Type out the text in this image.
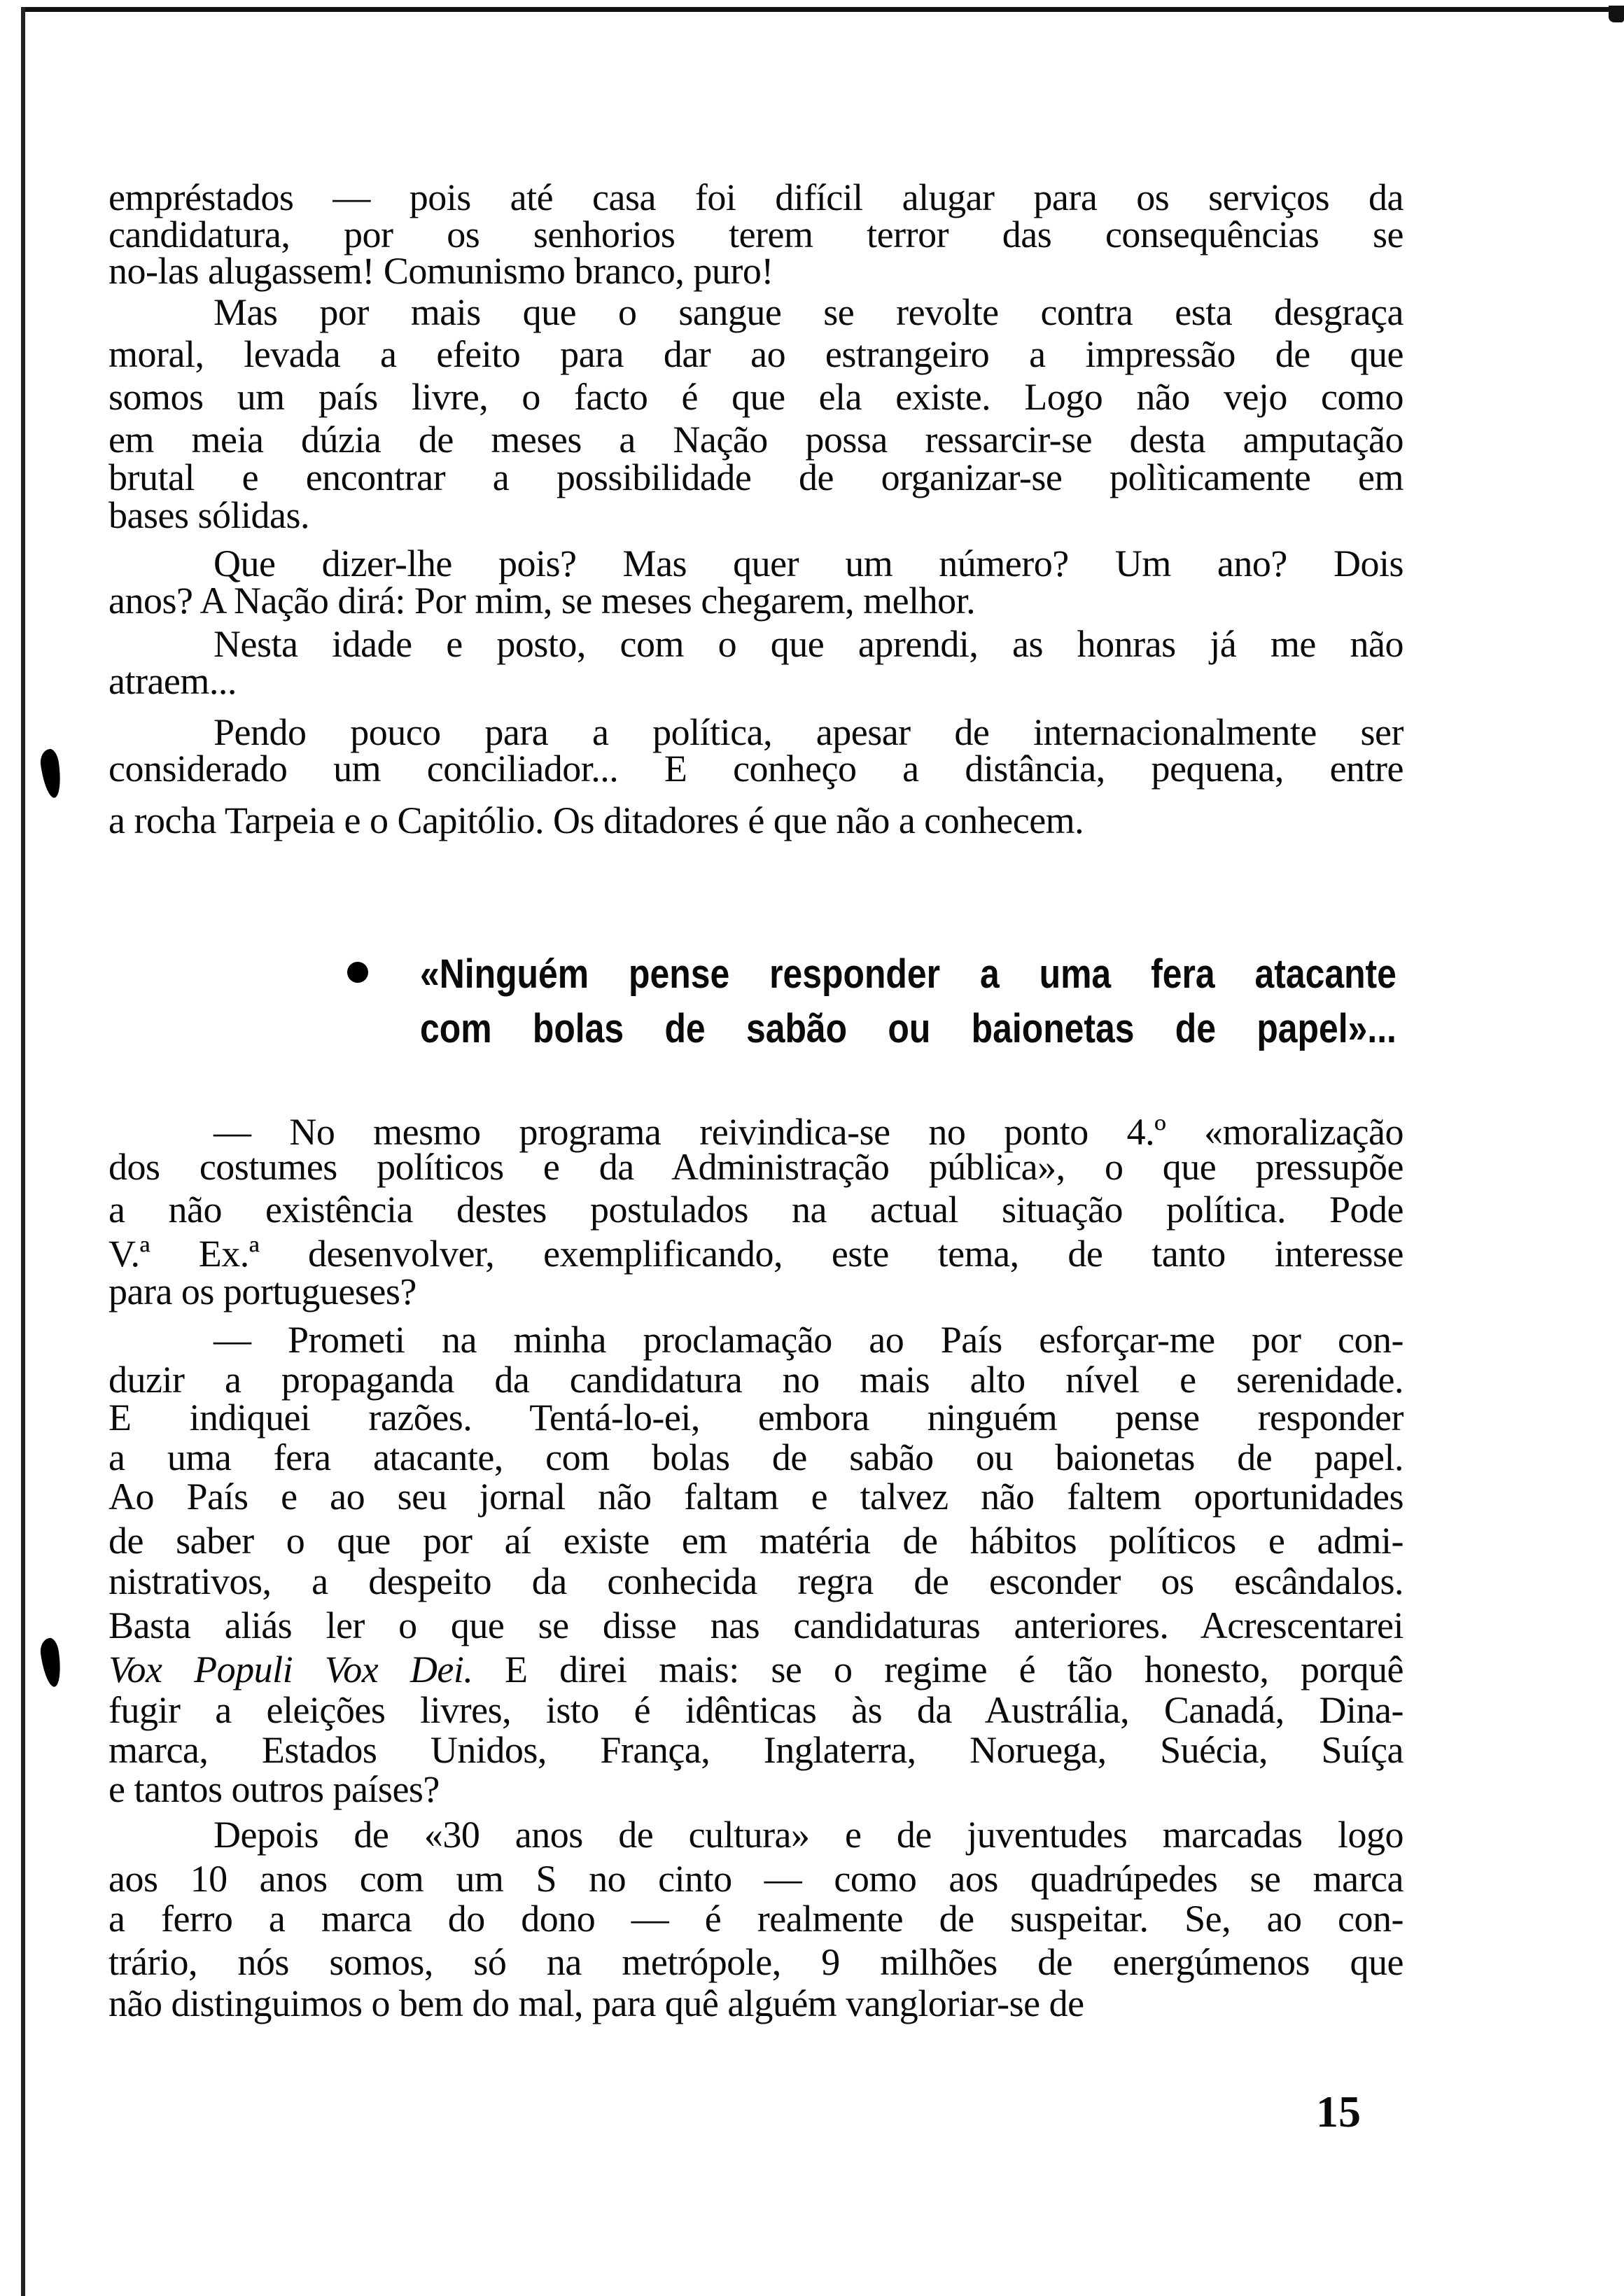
empréstados — pois até casa foi difícil alugar para os serviços da
candidatura, por os senhorios terem terror das consequências se
no-las alugassem! Comunismo branco, puro!
Mas por mais que o sangue se revolte contra esta desgraça
moral, levada a efeito para dar ao estrangeiro a impressão de que
somos um país livre, o facto é que ela existe. Logo não vejo como
em meia dúzia de meses a Nação possa ressarcir-se desta amputação
brutal e encontrar a possibilidade de organizar-se polìticamente em
bases sólidas.
Que dizer-lhe pois? Mas quer um número? Um ano? Dois
anos? A Nação dirá: Por mim, se meses chegarem, melhor.
Nesta idade e posto, com o que aprendi, as honras já me não
atraem...
Pendo pouco para a política, apesar de internacionalmente ser
considerado um conciliador... E conheço a distância, pequena, entre
a rocha Tarpeia e o Capitólio. Os ditadores é que não a conhecem.
— No mesmo programa reivindica-se no ponto 4.º «moralização
dos costumes políticos e da Administração pública», o que pressupõe
a não existência destes postulados na actual situação política. Pode
V.ª Ex.ª desenvolver, exemplificando, este tema, de tanto interesse
para os portugueses?
— Prometi na minha proclamação ao País esforçar-me por con-
duzir a propaganda da candidatura no mais alto nível e serenidade.
E indiquei razões. Tentá-lo-ei, embora ninguém pense responder
a uma fera atacante, com bolas de sabão ou baionetas de papel.
Ao País e ao seu jornal não faltam e talvez não faltem oportunidades
de saber o que por aí existe em matéria de hábitos políticos e admi-
nistrativos, a despeito da conhecida regra de esconder os escândalos.
Basta aliás ler o que se disse nas candidaturas anteriores. Acrescentarei
Vox Populi Vox Dei. E direi mais: se o regime é tão honesto, porquê
fugir a eleições livres, isto é idênticas às da Austrália, Canadá, Dina-
marca, Estados Unidos, França, Inglaterra, Noruega, Suécia, Suíça
e tantos outros países?
Depois de «30 anos de cultura» e de juventudes marcadas logo
aos 10 anos com um S no cinto — como aos quadrúpedes se marca
a ferro a marca do dono — é realmente de suspeitar. Se, ao con-
trário, nós somos, só na metrópole, 9 milhões de energúmenos que
não distinguimos o bem do mal, para quê alguém vangloriar-se de
«Ninguém pense responder a uma fera atacante
com bolas de sabão ou baionetas de papel»...
15
